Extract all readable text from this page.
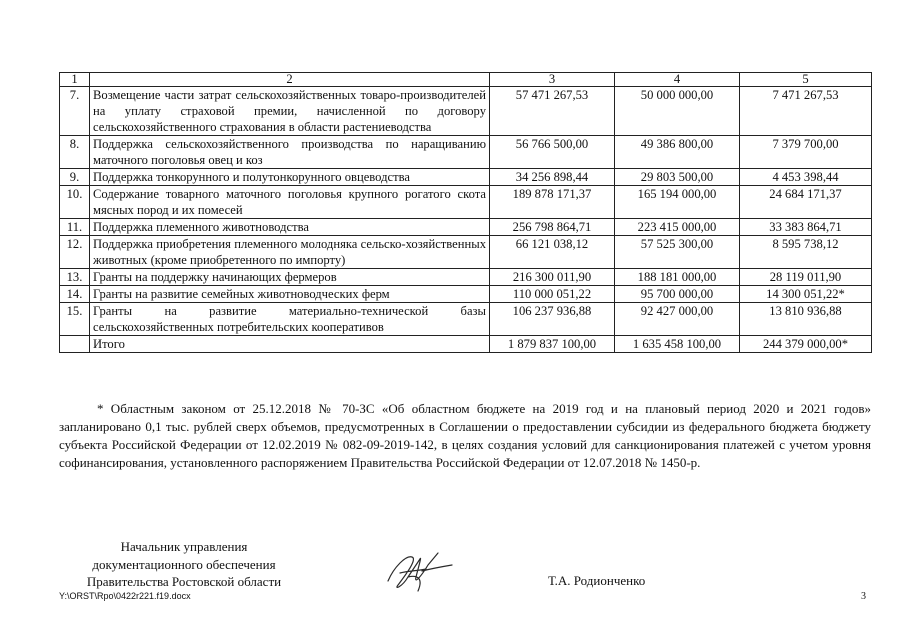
1	2	3	4	5
7.	Возмещение части затрат сельскохозяйственных товаро-производителей на уплату страховой премии, начисленной по договору сельскохозяйственного страхования в области растениеводства	57 471 267,53	50 000 000,00	7 471 267,53
8.	Поддержка сельскохозяйственного производства по наращиванию маточного поголовья овец и коз	56 766 500,00	49 386 800,00	7 379 700,00
9.	Поддержка тонкорунного и полутонкорунного овцеводства	34 256 898,44	29 803 500,00	4 453 398,44
10.	Содержание товарного маточного поголовья крупного рогатого скота мясных пород и их помесей	189 878 171,37	165 194 000,00	24 684 171,37
11.	Поддержка племенного животноводства	256 798 864,71	223 415 000,00	33 383 864,71
12.	Поддержка приобретения племенного молодняка сельско-хозяйственных животных (кроме приобретенного по импорту)	66 121 038,12	57 525 300,00	8 595 738,12
13.	Гранты на поддержку начинающих фермеров	216 300 011,90	188 181 000,00	28 119 011,90
14.	Гранты на развитие семейных животноводческих ферм	110 000 051,22	95 700 000,00	14 300 051,22*
15.	Гранты на развитие материально-технической базы сельскохозяйственных потребительских кооперативов	106 237 936,88	92 427 000,00	13 810 936,88
	Итого	1 879 837 100,00	1 635 458 100,00	244 379 000,00*
* Областным законом от 25.12.2018 № 70-ЗС «Об областном бюджете на 2019 год и на плановый период 2020 и 2021 годов» запланировано 0,1 тыс. рублей сверх объемов, предусмотренных в Соглашении о предоставлении субсидии из федерального бюджета бюджету субъекта Российской Федерации от 12.02.2019 № 082-09-2019-142, в целях создания условий для санкционирования платежей с учетом уровня софинансирования, установленного распоряжением Правительства Российской Федерации от 12.07.2018 № 1450-р.
Начальник управления
документационного обеспечения
Правительства Ростовской области	Т.А. Родионченко
Y:\ORST\Rpo\0422r221.f19.docx	3
